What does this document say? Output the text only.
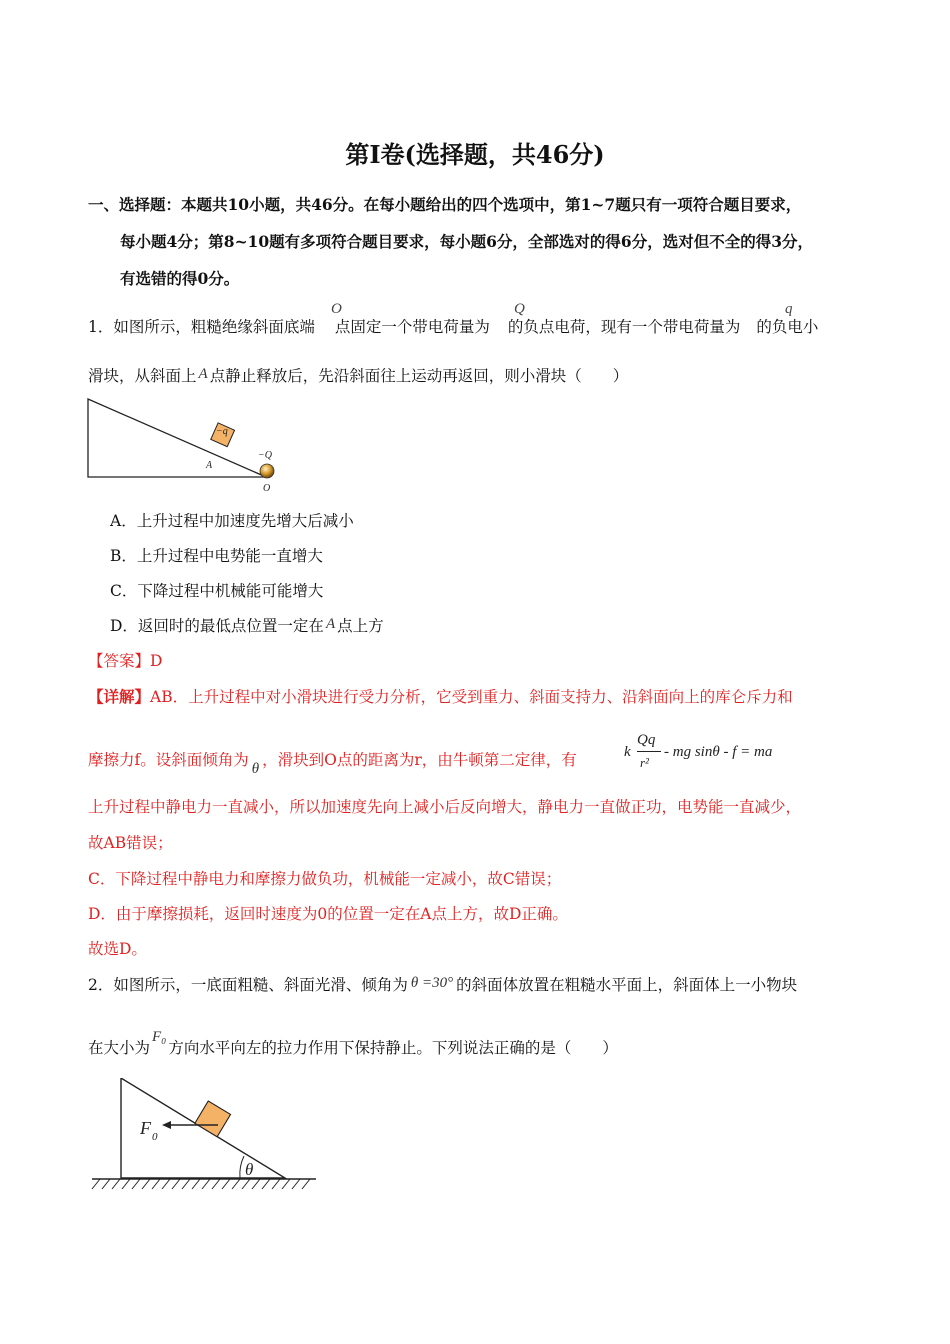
第Ⅰ卷(选择题，共46分)
一、选择题：本题共10小题，共46分。在每小题给出的四个选项中，第1~7题只有一项符合题目要求，
每小题4分；第8~10题有多项符合题目要求，每小题6分，全部选对的得6分，选对但不全的得3分，
有选错的得0分。
1．如图所示，粗糙绝缘斜面底端 点固定一个带电荷量为 的负点电荷，现有一个带电荷量为 的负电小
O	Q	q
滑块，从斜面上 A 点静止释放后，先沿斜面往上运动再返回，则小滑块（　　）
−q
A
−Q
O
A．上升过程中加速度先增大后减小
B．上升过程中电势能一直增大
C．下降过程中机械能可能增大
D．返回时的最低点位置一定在 A 点上方
【答案】D
【详解】AB．上升过程中对小滑块进行受力分析，它受到重力、斜面支持力、沿斜面向上的库仑斥力和
摩擦力f。设斜面倾角为 θ ，滑块到O点的距离为r，由牛顿第二定律，有	k
Qq
r²
- mg sinθ - f = ma
上升过程中静电力一直减小，所以加速度先向上减小后反向增大，静电力一直做正功，电势能一直减少，
故AB错误；
C．下降过程中静电力和摩擦力做负功，机械能一定减小，故C错误；
D．由于摩擦损耗，返回时速度为0的位置一定在A点上方，故D正确。
故选D。
2．如图所示，一底面粗糙、斜面光滑、倾角为 θ =30° 的斜面体放置在粗糙水平面上，斜面体上一小物块
在大小为F₀方向水平向左的拉力作用下保持静止。下列说法正确的是（　　）
F 0
θ
